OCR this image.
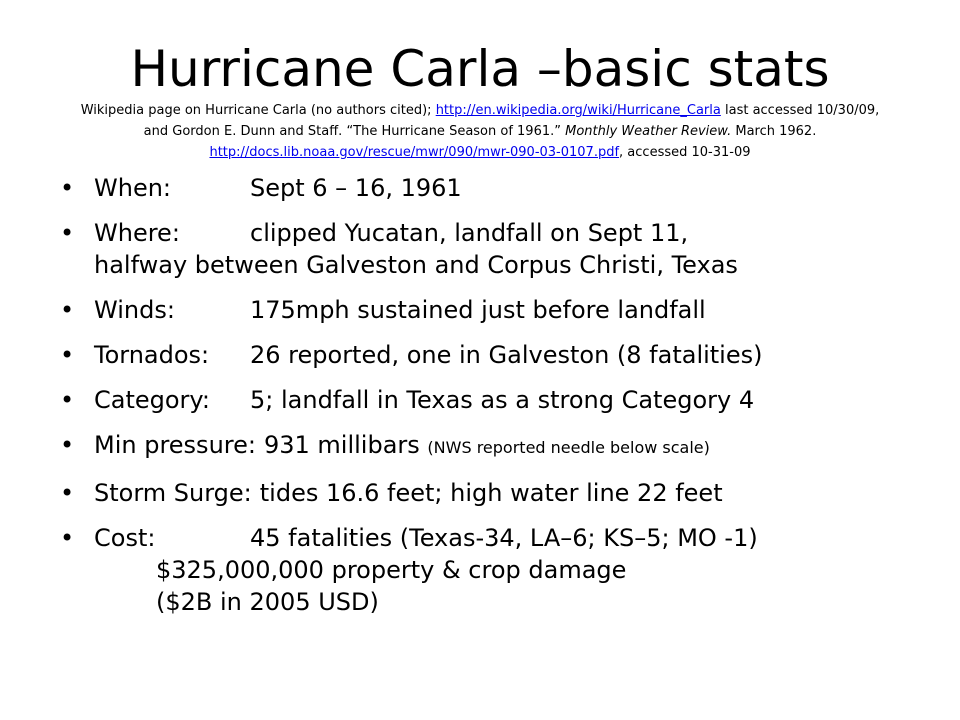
Hurricane Carla –basic stats
Wikipedia page on Hurricane Carla (no authors cited); http://en.wikipedia.org/wiki/Hurricane_Carla last accessed 10/30/09,
and Gordon E. Dunn and Staff. “The Hurricane Season of 1961.” Monthly Weather Review. March 1962.
http://docs.lib.noaa.gov/rescue/mwr/090/mwr-090-03-0107.pdf, accessed 10-31-09
• When:	Sept 6 – 16, 1961
• Where:	clipped Yucatan, landfall on Sept 11,
halfway between Galveston and Corpus Christi, Texas
• Winds:	175mph sustained just before landfall
• Tornados: 26 reported, one in Galveston (8 fatalities)
• Category: 5; landfall in Texas as a strong Category 4
• Min pressure: 931 millibars (NWS reported needle below scale)
• Storm Surge: tides 16.6 feet; high water line 22 feet
• Cost:	45 fatalities (Texas-34, LA–6; KS–5; MO -1)
$325,000,000 property & crop damage
($2B in 2005 USD)
